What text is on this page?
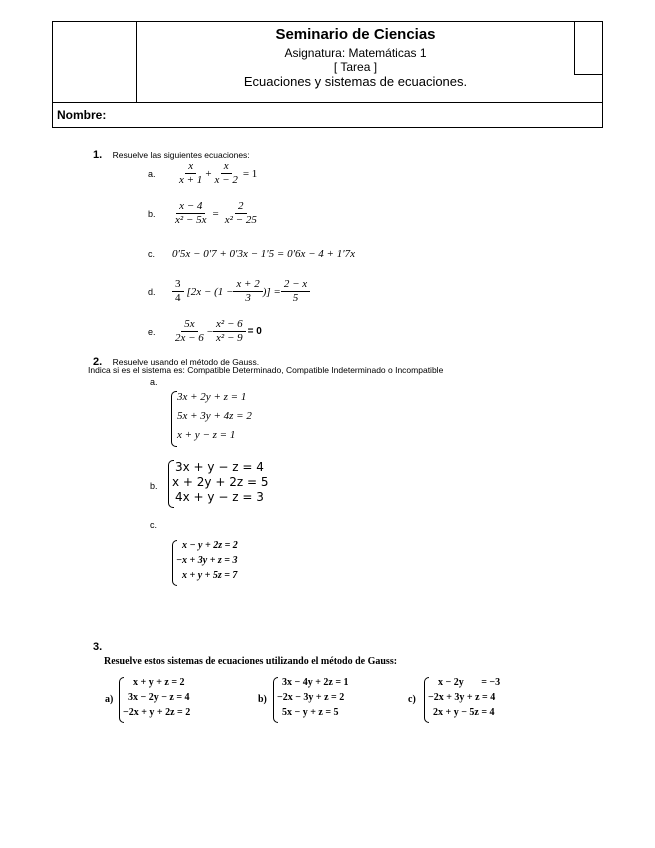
Seminario de Ciencias
Asignatura: Matemáticas 1
[ Tarea ]
Ecuaciones y sistemas de ecuaciones.
Nombre:
1. Resuelve las siguientes ecuaciones:
a.	$\frac{x}{x + 1} + \frac{x}{x - 2} = 1$
b.	$\frac{x - 4}{\text{x² − 5x}} = \frac{2}{\text{x² − 25}}$
c.	0′5x − 0′7 + 0′3x − 1′5 = 0′6x − 4 + 1′7x
d.	$\frac{3}{4} [2x - (1 - \frac{x + 2}{3}$ )] = $\frac{2 - x}{5}$
e.	$\frac{5x}{2x - 6} - \frac{\text{x² − 6}}{\text{x² − 9}} = 0$
2. Resuelve usando el método de Gauss.
Indica si es el sistema es: Compatible Determinado, Compatible Indeterminado o Incompatible
a.
3x + 2y + z = 1
5x + 3y + 4z = 2
x + y − z = 1
b.
3x + y − z = 4
x + 2y + 2z = 5
4x + y − z = 3
c.
x − y + 2z = 2
−x + 3y + z = 3
x + y + 5z = 7
3.
Resuelve estos sistemas de ecuaciones utilizando el método de Gauss:
a)
x + y + z = 2
3x − 2y − z = 4
−2x + y + 2z = 2
b)
3x − 4y + 2z = 1
−2x − 3y + z = 2
5x − y + z = 5
c)
x − 2y       = −3
−2x + 3y + z = 4
2x + y − 5z = 4
